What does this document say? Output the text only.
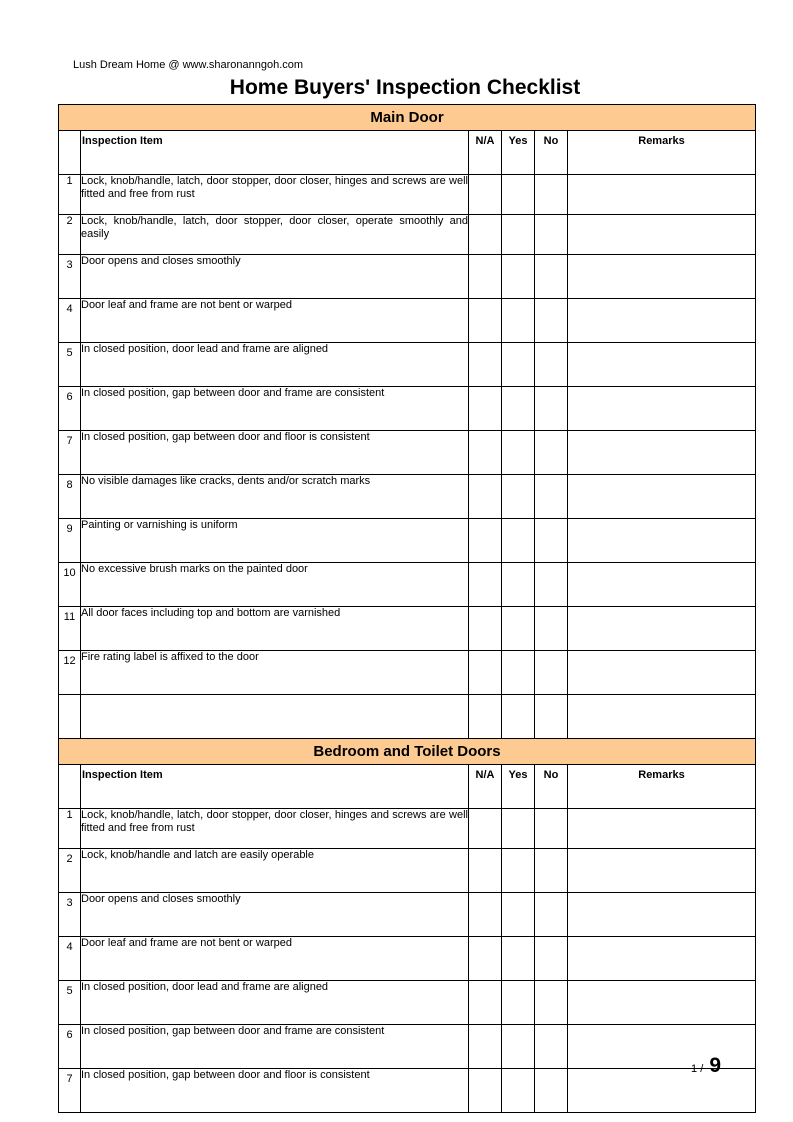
Lush Dream Home @ www.sharonanngoh.com
Home Buyers' Inspection Checklist
Main Door					
	Inspection Item	N/A	Yes	No	Remarks
1	Lock, knob/handle, latch, door stopper, door closer, hinges and screws are well fitted and free from rust				
2	Lock, knob/handle, latch, door stopper, door closer, operate smoothly and easily				
3	Door opens and closes smoothly				
4	Door leaf and frame are not bent or warped				
5	In closed position, door lead and frame are aligned				
6	In closed position, gap between door and frame are consistent				
7	In closed position, gap between door and floor is consistent				
8	No visible damages like cracks, dents and/or scratch marks				
9	Painting or varnishing is uniform				
10	No excessive brush marks on the painted door				
11	All door faces including top and bottom are varnished				
12	Fire rating label is affixed to the door				

Bedroom and Toilet Doors					
	Inspection Item	N/A	Yes	No	Remarks
1	Lock, knob/handle, latch, door stopper, door closer, hinges and screws are well fitted and free from rust				
2	Lock, knob/handle and latch are easily operable				
3	Door opens and closes smoothly				
4	Door leaf and frame are not bent or warped				
5	In closed position, door lead and frame are aligned				
6	In closed position, gap between door and frame are consistent				
7	In closed position, gap between door and floor is consistent					1 / 9
